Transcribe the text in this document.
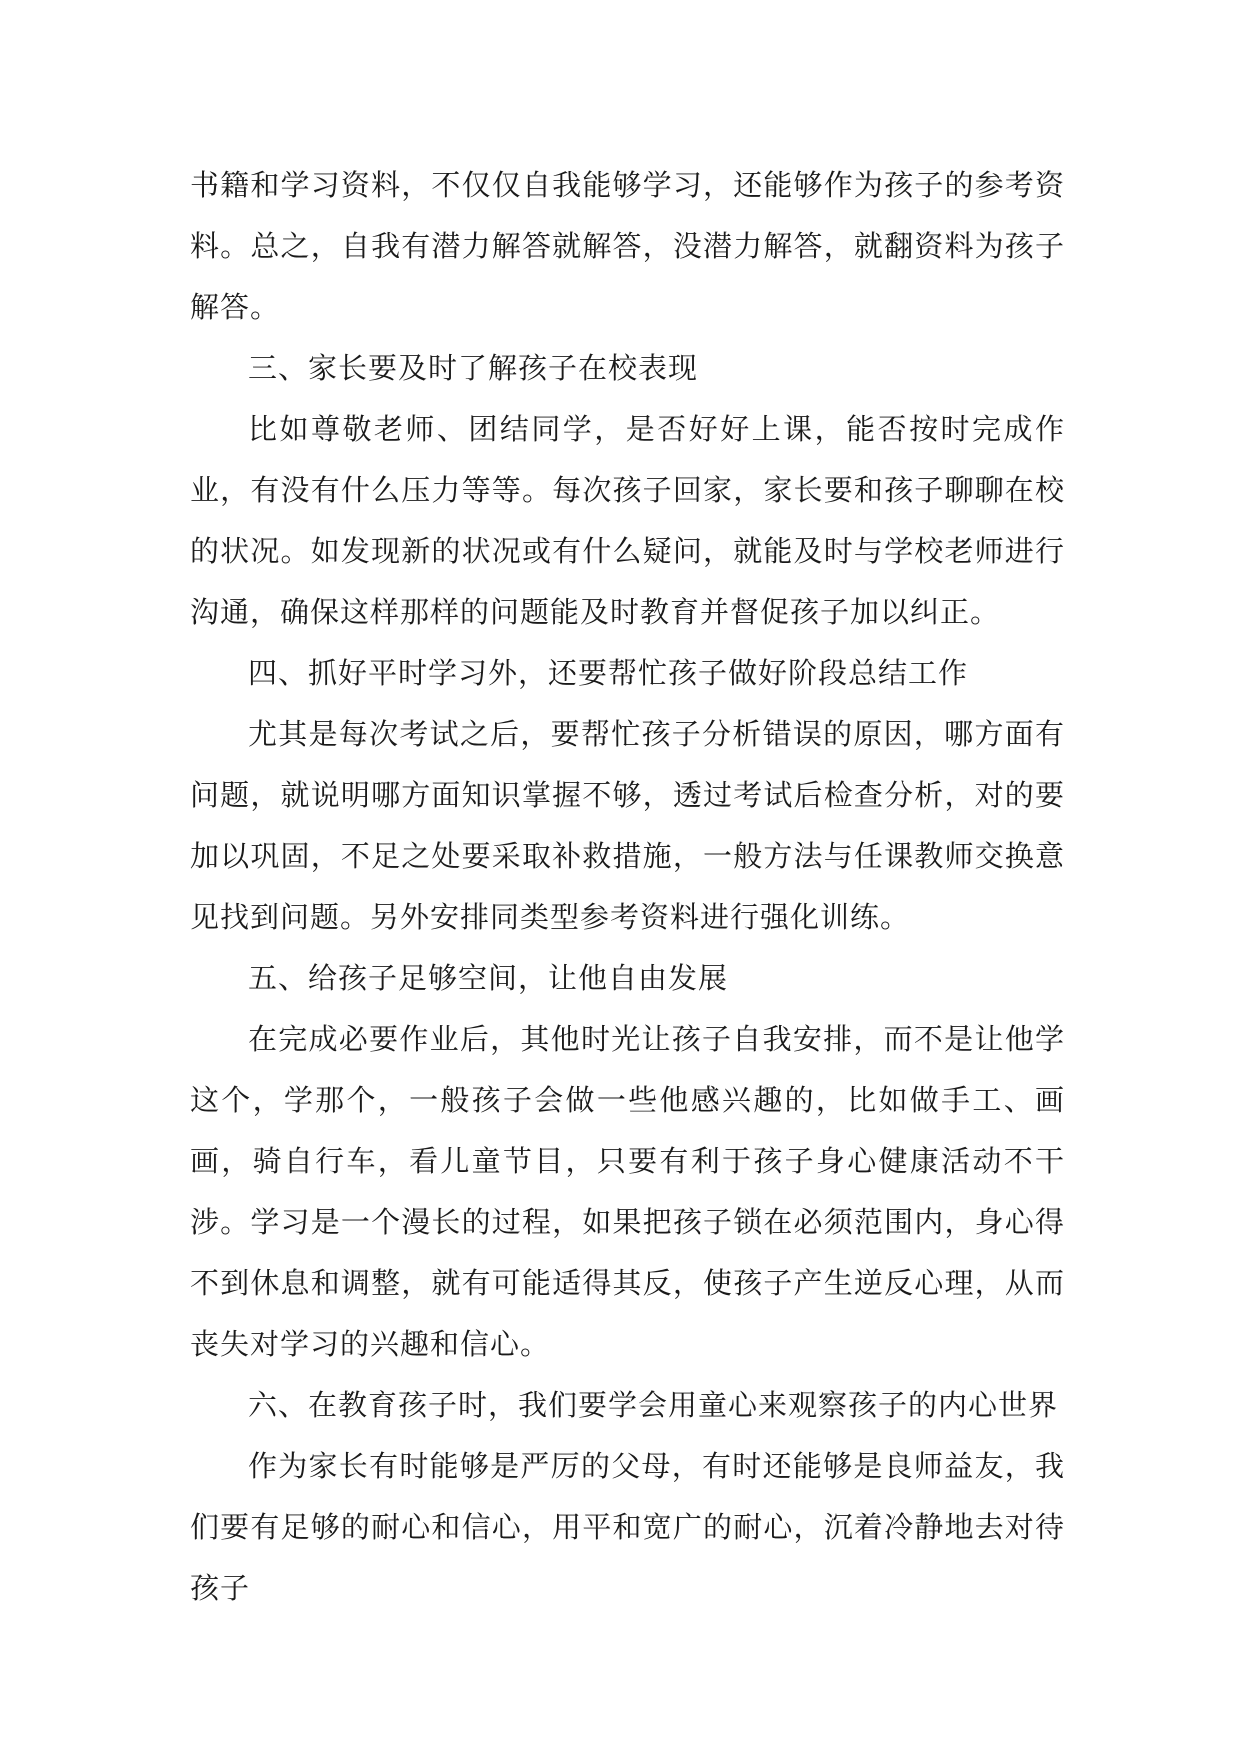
书籍和学习资料，不仅仅自我能够学习，还能够作为孩子的参考资料。总之，自我有潜力解答就解答，没潜力解答，就翻资料为孩子解答。

三、家长要及时了解孩子在校表现

比如尊敬老师、团结同学，是否好好上课，能否按时完成作业，有没有什么压力等等。每次孩子回家，家长要和孩子聊聊在校的状况。如发现新的状况或有什么疑问，就能及时与学校老师进行沟通，确保这样那样的问题能及时教育并督促孩子加以纠正。

四、抓好平时学习外，还要帮忙孩子做好阶段总结工作

尤其是每次考试之后，要帮忙孩子分析错误的原因，哪方面有问题，就说明哪方面知识掌握不够，透过考试后检查分析，对的要加以巩固，不足之处要采取补救措施，一般方法与任课教师交换意见找到问题。另外安排同类型参考资料进行强化训练。

五、给孩子足够空间，让他自由发展

在完成必要作业后，其他时光让孩子自我安排，而不是让他学这个，学那个，一般孩子会做一些他感兴趣的，比如做手工、画画，骑自行车，看儿童节目，只要有利于孩子身心健康活动不干涉。学习是一个漫长的过程，如果把孩子锁在必须范围内，身心得不到休息和调整，就有可能适得其反，使孩子产生逆反心理，从而丧失对学习的兴趣和信心。

六、在教育孩子时，我们要学会用童心来观察孩子的内心世界

作为家长有时能够是严厉的父母，有时还能够是良师益友，我们要有足够的耐心和信心，用平和宽广的耐心，沉着冷静地去对待孩子
